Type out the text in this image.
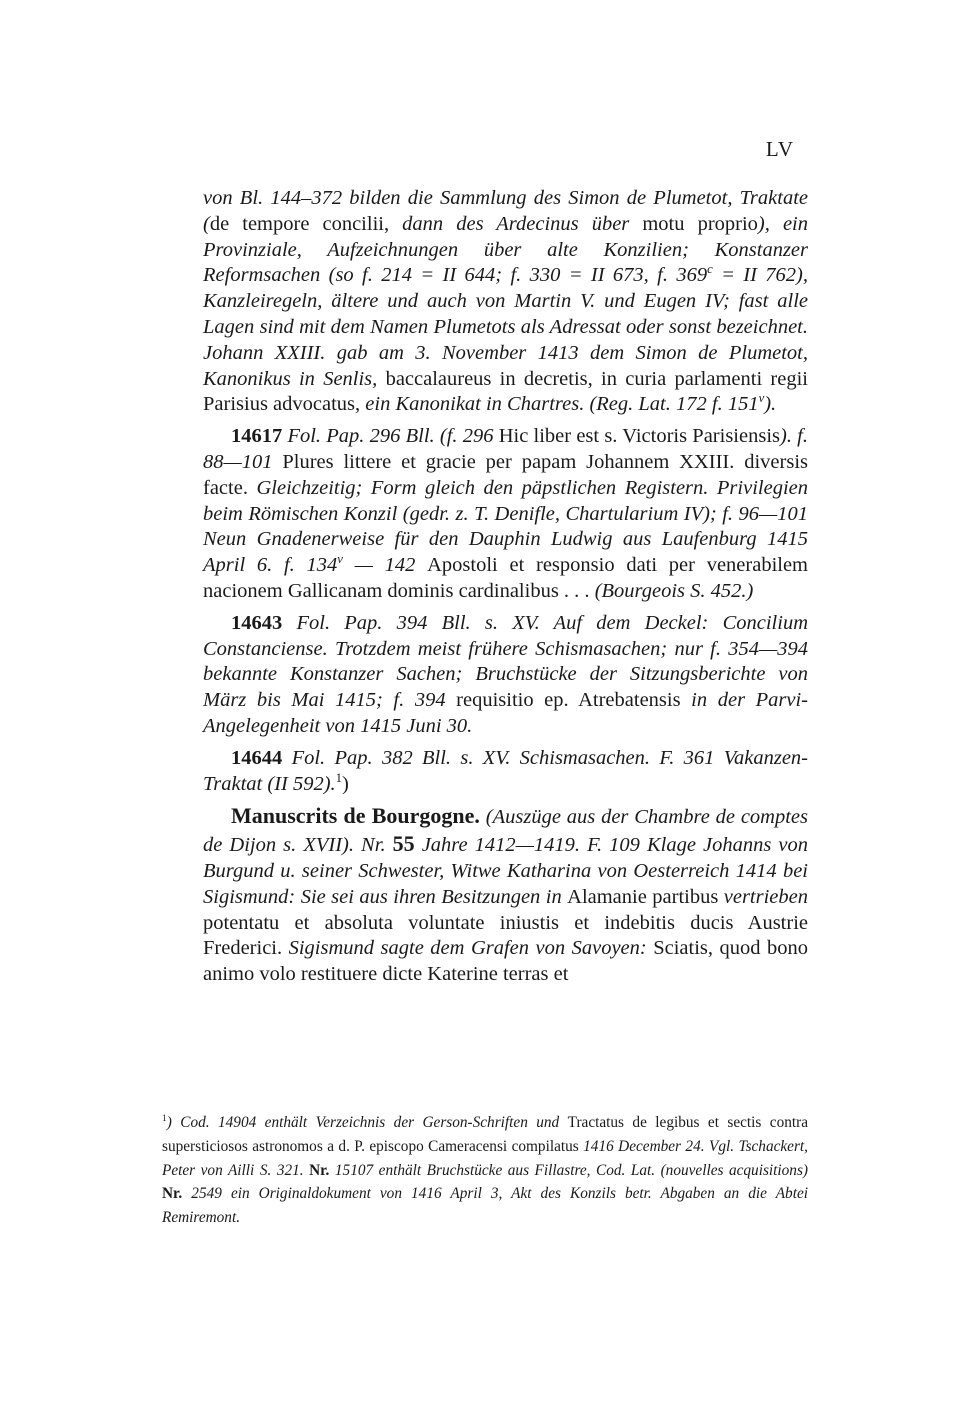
LV

von Bl. 144–372 bilden die Sammlung des Simon de Plumetot, Traktate (de tempore concilii, dann des Ardecinus über motu proprio), ein Provinziale, Aufzeichnungen über alte Konzilien; Konstanzer Reformsachen (so f. 214 = II 644; f. 330 = II 673, f. $369^c$ = II 762), Kanzleiregeln, ältere und auch von Martin V. und Eugen IV; fast alle Lagen sind mit dem Namen Plumetots als Adressat oder sonst bezeichnet. Johann XXIII. gab am 3. November 1413 dem Simon de Plumetot, Kanonikus in Senlis, baccalaureus in decretis, in curia parlamenti regii Parisius advocatus, ein Kanonikat in Chartres. (Reg. Lat. 172 f. 151$^v$).

14617 Fol. Pap. 296 Bll. (f. 296 Hic liber est s. Victoris Parisiensis). f. 88—101 Plures littere et gracie per papam Johannem XXIII. diversis facte. Gleichzeitig; Form gleich den päpstlichen Registern. Privilegien beim Römischen Konzil (gedr. z. T. Denifle, Chartularium IV); f. 96—101 Neun Gnadenerweise für den Dauphin Ludwig aus Laufenburg 1415 April 6. f. 134$^v$ — 142 Apostoli et responsio dati per venerabilem nacionem Gallicanam dominis cardinalibus . . . (Bourgeois S. 452.)

14643 Fol. Pap. 394 Bll. s. XV. Auf dem Deckel: Concilium Constanciense. Trotzdem meist frühere Schismasachen; nur f. 354—394 bekannte Konstanzer Sachen; Bruchstücke der Sitzungsberichte von März bis Mai 1415; f. 394 requisitio ep. Atrebatensis in der Parvi-Angelegenheit von 1415 Juni 30.

14644 Fol. Pap. 382 Bll. s. XV. Schismasachen. F. 361 Vakanzen-Traktat (II 592).$^1$)

Manuscrits de Bourgogne. (Auszüge aus der Chambre de comptes de Dijon s. XVII). Nr. 55 Jahre 1412—1419. F. 109 Klage Johanns von Burgund u. seiner Schwester, Witwe Katharina von Oesterreich 1414 bei Sigismund: Sie sei aus ihren Besitzungen in Alamanie partibus vertrieben potentatu et absoluta voluntate iniustis et indebitis ducis Austrie Frederici. Sigismund sagte dem Grafen von Savoyen: Sciatis, quod bono animo volo restituere dicte Katerine terras et

$^1$) Cod. 14904 enthält Verzeichnis der Gerson-Schriften und Tractatus de legibus et sectis contra supersticiosos astronomos a d. P. episcopo Cameracensi compilatus 1416 December 24. Vgl. Tschackert, Peter von Ailli S. 321. Nr. 15107 enthält Bruchstücke aus Fillastre, Cod. Lat. (nouvelles acquisitions) Nr. 2549 ein Originaldokument von 1416 April 3, Akt des Konzils betr. Abgaben an die Abtei Remiremont.
